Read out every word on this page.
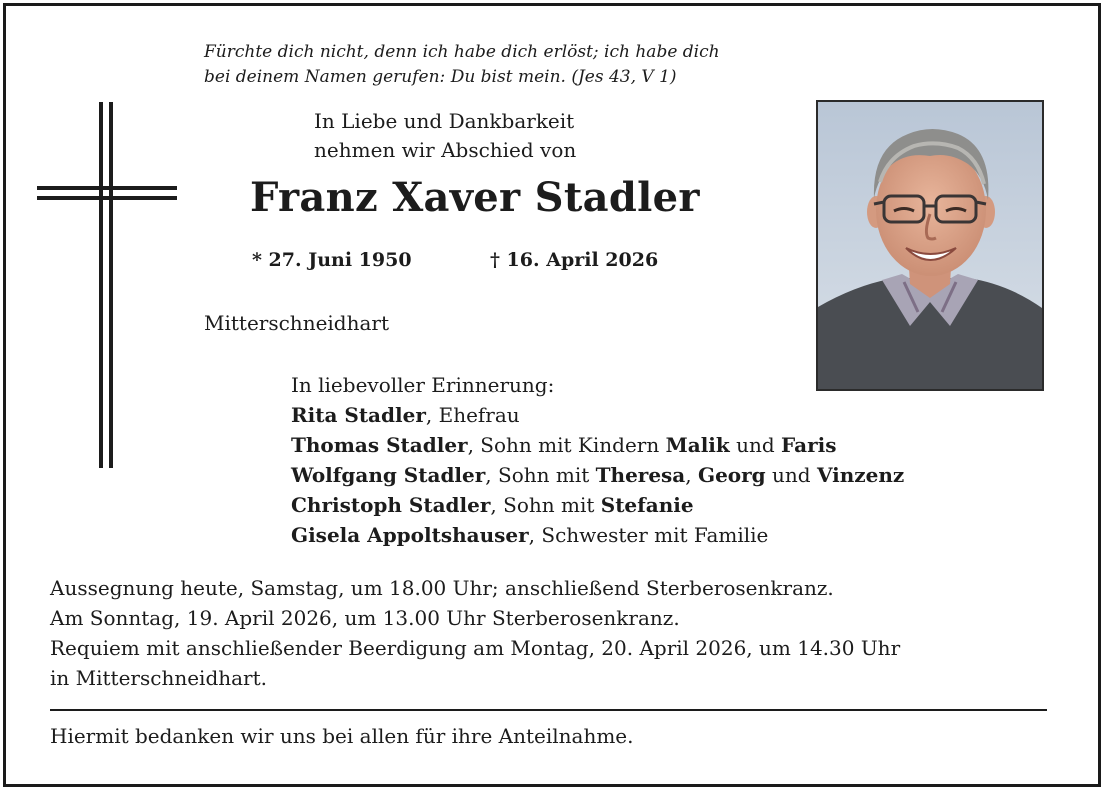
Fürchte dich nicht, denn ich habe dich erlöst; ich habe dich
bei deinem Namen gerufen: Du bist mein. (Jes 43, V 1)
In Liebe und Dankbarkeit
nehmen wir Abschied von
Franz Xaver Stadler
* 27. Juni 1950	† 16. April 2026
Mitterschneidhart
In liebevoller Erinnerung:
Rita Stadler, Ehefrau
Thomas Stadler, Sohn mit Kindern Malik und Faris
Wolfgang Stadler, Sohn mit Theresa, Georg und Vinzenz
Christoph Stadler, Sohn mit Stefanie
Gisela Appoltshauser, Schwester mit Familie
Aussegnung heute, Samstag, um 18.00 Uhr; anschließend Sterberosenkranz.
Am Sonntag, 19. April 2026, um 13.00 Uhr Sterberosenkranz.
Requiem mit anschließender Beerdigung am Montag, 20. April 2026, um 14.30 Uhr
in Mitterschneidhart.
Hiermit bedanken wir uns bei allen für ihre Anteilnahme.
